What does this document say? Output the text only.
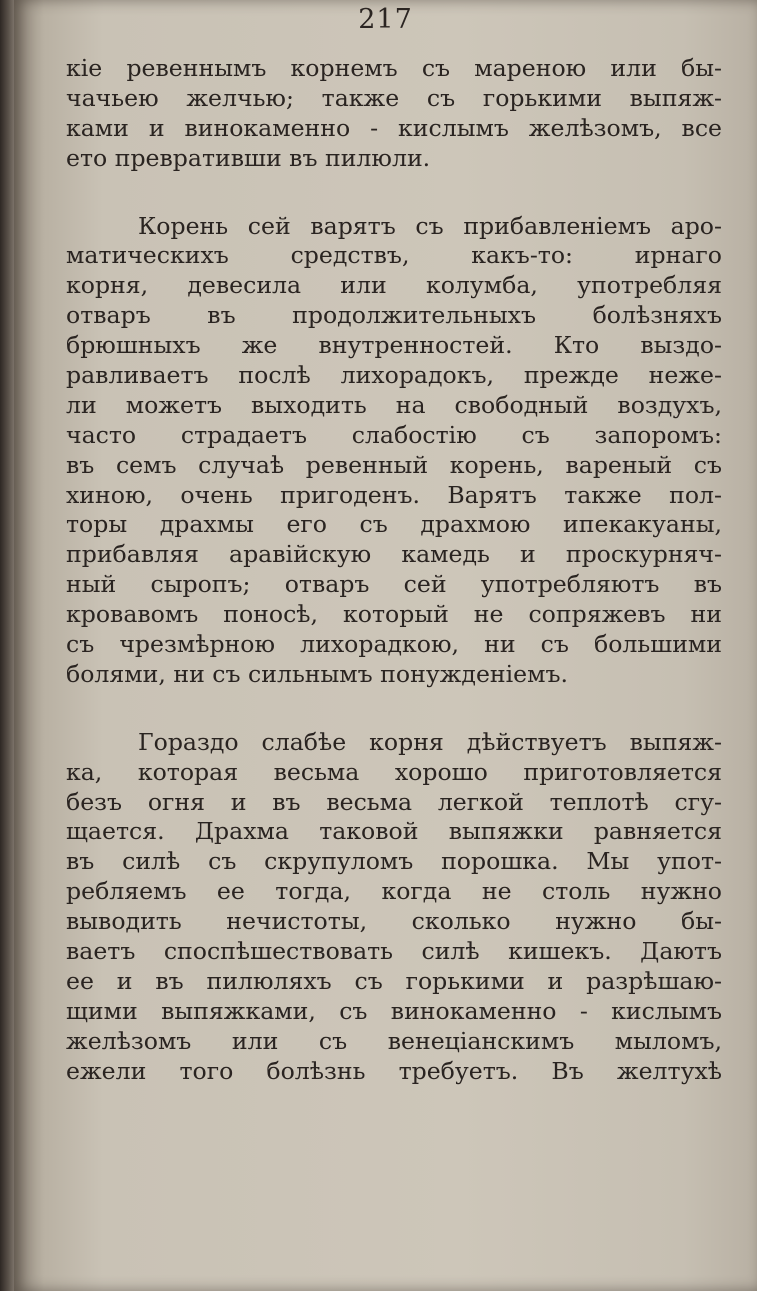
217
кіе ревеннымъ корнемъ съ мареною или бы-
чачьею желчью; также съ горькими выпяж-
ками и винокаменно - кислымъ желѣзомъ, все
ето превративши въ пилюли.
Корень сей варятъ съ прибавленіемъ аро-
матическихъ средствъ, какъ-то: ирнаго
корня, девесила или колумба, употребляя
отваръ въ продолжительныхъ болѣзняхъ
брюшныхъ же внутренностей. Кто выздо-
равливаетъ послѣ лихорадокъ, прежде неже-
ли можетъ выходить на свободный воздухъ,
часто страдаетъ слабостію съ запоромъ:
въ семъ случаѣ ревенный корень, вареный съ
хиною, очень пригоденъ. Варятъ также пол-
торы драхмы его съ драхмою ипекакуаны,
прибавляя аравійскую камедь и проскурняч-
ный сыропъ; отваръ сей употребляютъ въ
кровавомъ поносѣ, который не сопряжевъ ни
съ чрезмѣрною лихорадкою, ни съ большими
болями, ни съ сильнымъ понужденіемъ.
Гораздо слабѣе корня дѣйствуетъ выпяж-
ка, которая весьма хорошо приготовляется
безъ огня и въ весьма легкой теплотѣ сгу-
щается. Драхма таковой выпяжки равняется
въ силѣ съ скрупуломъ порошка. Мы упот-
ребляемъ ее тогда, когда не столь нужно
выводить нечистоты, сколько нужно бы-
ваетъ споспѣшествовать силѣ кишекъ. Даютъ
ее и въ пилюляхъ съ горькими и разрѣшаю-
щими выпяжками, съ винокаменно - кислымъ
желѣзомъ или съ венеціанскимъ мыломъ,
ежели того болѣзнь требуетъ. Въ желтухѣ
